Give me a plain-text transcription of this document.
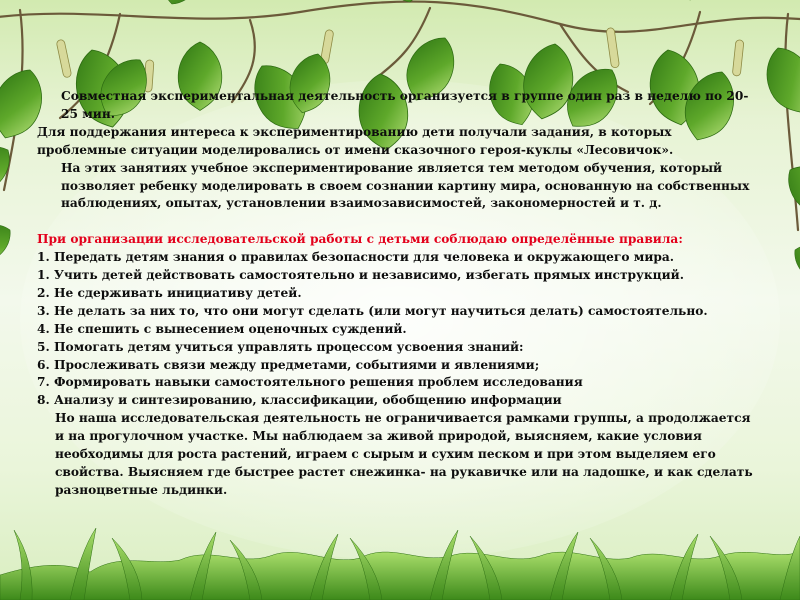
Совместная экспериментальная деятельность организуется в группе один раз в неделю по 20-25 мин.

Для поддержания интереса к экспериментированию дети получали задания, в которых проблемные ситуации моделировались от имени сказочного героя-куклы «Лесовичок».

На этих занятиях учебное экспериментирование является тем методом обучения, который позволяет ребенку моделировать в своем сознании картину мира, основанную на собственных наблюдениях, опытах, установлении взаимозависимостей, закономерностей и т. д.

При организации исследовательской работы с детьми соблюдаю определённые правила:

1. Передать детям знания о правилах безопасности для человека и окружающего мира.

1. Учить детей действовать самостоятельно и независимо, избегать прямых инструкций.

2. Не сдерживать инициативу детей.

3. Не делать за них то, что они могут сделать (или могут научиться делать) самостоятельно.

4. Не спешить с вынесением оценочных суждений.

5. Помогать детям учиться управлять процессом усвоения знаний:

6. Прослеживать связи между предметами, событиями и явлениями;

7. Формировать навыки самостоятельного решения проблем исследования

8. Анализу и синтезированию, классификации, обобщению информации

Но наша исследовательская деятельность не ограничивается рамками группы, а продолжается и на прогулочном участке. Мы наблюдаем за живой природой, выясняем, какие условия необходимы для роста растений, играем с сырым и сухим песком и при этом выделяем его свойства. Выясняем где быстрее растет снежинка- на рукавичке или на ладошке, и как сделать разноцветные льдинки.
